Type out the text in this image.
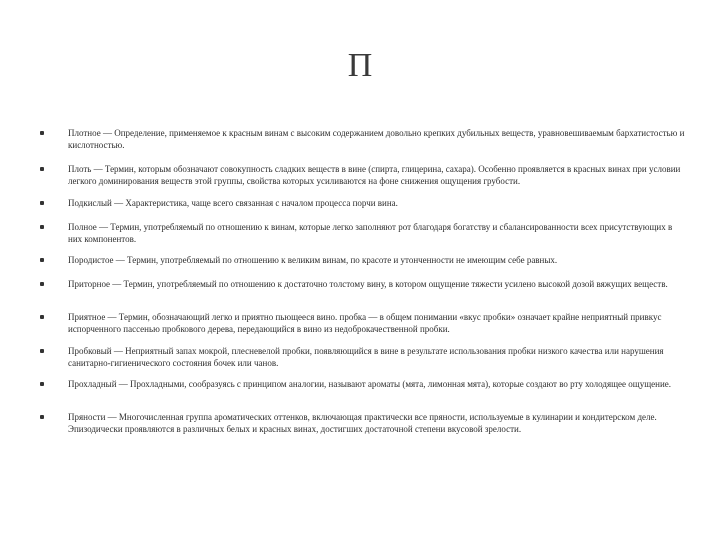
П
Плотное — Определение, применяемое к красным винам с высоким содержанием довольно крепких дубильных веществ, уравновешиваемым бархатистостью и кислотностью.
Плоть — Термин, которым обозначают совокупность сладких веществ в вине (спирта, глицерина, сахара). Особенно проявляется в красных винах при условии легкого доминирования веществ этой группы, свойства которых усиливаются на фоне снижения ощущения грубости.
Подкислый — Характеристика, чаще всего связанная с началом процесса порчи вина.
Полное — Термин, употребляемый по отношению к винам, которые легко заполняют рот благодаря богатству и сбалансированности всех присутствующих в них компонентов.
Породистое — Термин, употребляемый по отношению к великим винам, по красоте и утонченности не имеющим себе равных.
Приторное — Термин, употребляемый по отношению к достаточно толстому вину, в котором ощущение тяжести усилено высокой дозой вяжущих веществ.
Приятное — Термин, обозначающий легко и приятно пьющееся вино. пробка — в общем понимании «вкус пробки» означает крайне неприятный привкус испорченного пассенью пробкового дерева, передающийся в вино из недоброкачественной пробки.
Пробковый — Неприятный запах мокрой, плесневелой пробки, появляющийся в вине в результате использования пробки низкого качества или нарушения санитарно-гигиенического состояния бочек или чанов.
Прохладный — Прохладными, сообразуясь с принципом аналогии, называют ароматы (мята, лимонная мята), которые создают во рту холодящее ощущение.
Пряности — Многочисленная группа ароматических оттенков, включающая практически все пряности, используемые в кулинарии и кондитерском деле. Эпизодически проявляются в различных белых и красных винах, достигших достаточной степени вкусовой зрелости.
